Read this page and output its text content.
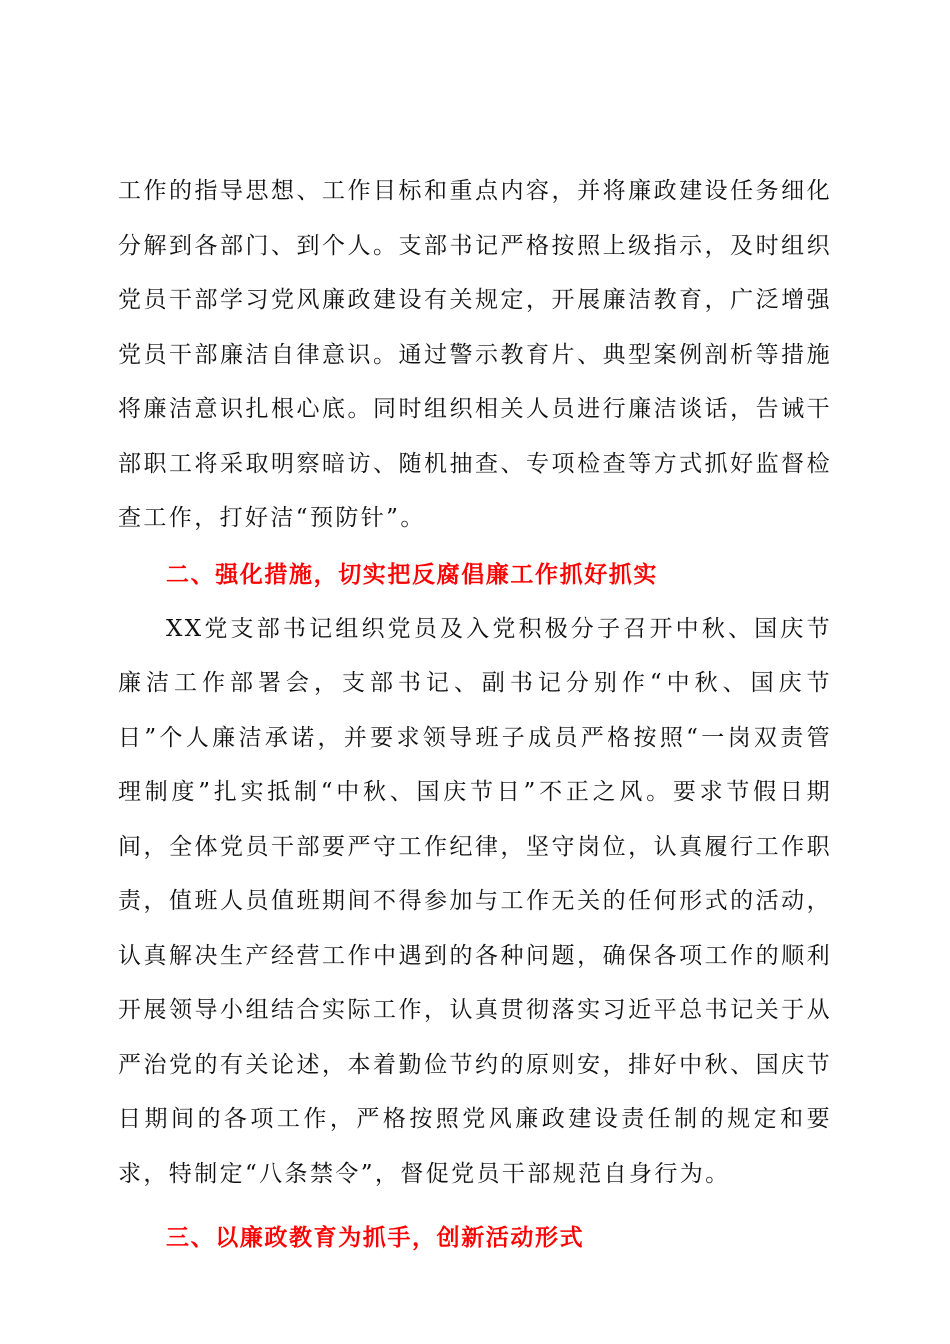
工作的指导思想、工作目标和重点内容，并将廉政建设任务细化分解到各部门、到个人。支部书记严格按照上级指示，及时组织党员干部学习党风廉政建设有关规定，开展廉洁教育，广泛增强党员干部廉洁自律意识。通过警示教育片、典型案例剖析等措施将廉洁意识扎根心底。同时组织相关人员进行廉洁谈话，告诫干部职工将采取明察暗访、随机抽查、专项检查等方式抓好监督检查工作，打好洁“预防针”。

二、强化措施，切实把反腐倡廉工作抓好抓实

XX党支部书记组织党员及入党积极分子召开中秋、国庆节廉洁工作部署会，支部书记、副书记分别作“中秋、国庆节日”个人廉洁承诺，并要求领导班子成员严格按照“一岗双责管理制度”扎实抵制“中秋、国庆节日”不正之风。要求节假日期间，全体党员干部要严守工作纪律，坚守岗位，认真履行工作职责，值班人员值班期间不得参加与工作无关的任何形式的活动，认真解决生产经营工作中遇到的各种问题，确保各项工作的顺利开展领导小组结合实际工作，认真贯彻落实习近平总书记关于从严治党的有关论述，本着勤俭节约的原则安，排好中秋、国庆节日期间的各项工作，严格按照党风廉政建设责任制的规定和要求，特制定“八条禁令”，督促党员干部规范自身行为。

三、以廉政教育为抓手，创新活动形式
